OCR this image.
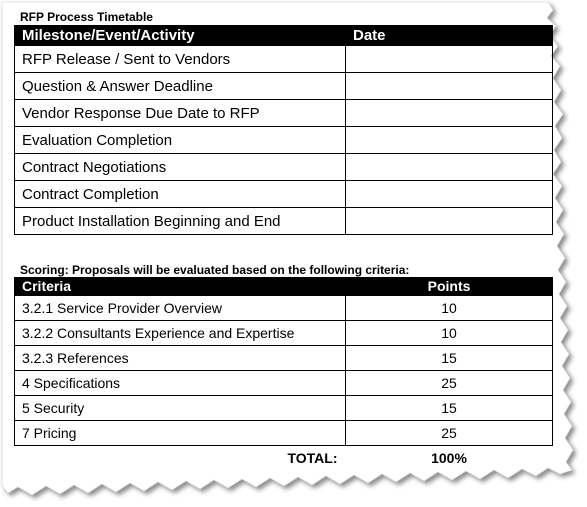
RFP Process Timetable
Milestone/Event/Activity	Date
RFP Release / Sent to Vendors	
Question & Answer Deadline	
Vendor Response Due Date to RFP	
Evaluation Completion	
Contract Negotiations	
Contract Completion	
Product Installation Beginning and End	
Scoring: Proposals will be evaluated based on the following criteria:
Criteria	Points
3.2.1 Service Provider Overview	10
3.2.2 Consultants Experience and Expertise	10
3.2.3 References	15
4 Specifications	25
5 Security	15
7 Pricing	25
TOTAL:	100%
